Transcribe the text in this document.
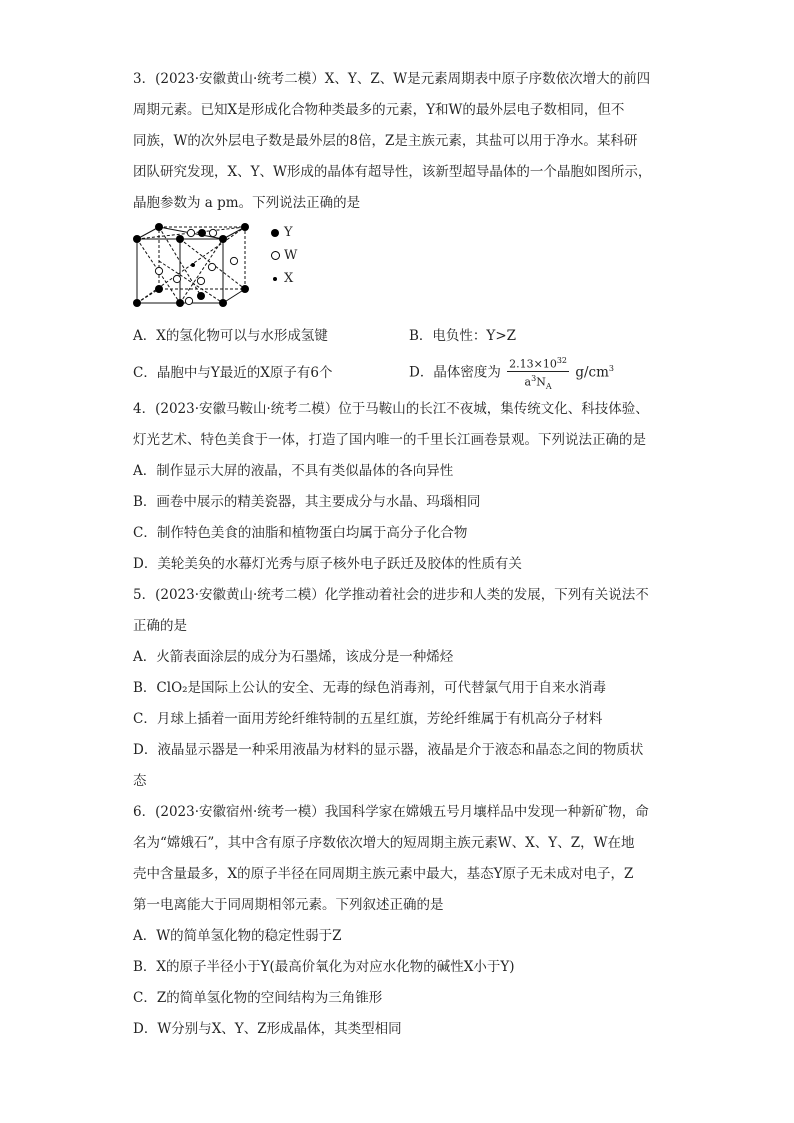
3．(2023·安徽黄山·统考二模）X、Y、Z、W是元素周期表中原子序数依次增大的前四

周期元素。已知X是形成化合物种类最多的元素，Y和W的最外层电子数相同，但不

同族，W的次外层电子数是最外层的8倍，Z是主族元素，其盐可以用于净水。某科研

团队研究发现，X、Y、W形成的晶体有超导性，该新型超导晶体的一个晶胞如图所示，

晶胞参数为 a pm。下列说法正确的是

Y
W
X
A．X的氢化物可以与水形成氢键	B．电负性：Y>Z
C．晶胞中与Y最近的X原子有6个	D．晶体密度为 $\frac{2.13\times 10^{32}}{a^3N_A} g/cm^3$

4．(2023·安徽马鞍山·统考二模）位于马鞍山的长江不夜城，集传统文化、科技体验、

灯光艺术、特色美食于一体，打造了国内唯一的千里长江画卷景观。下列说法正确的是

A．制作显示大屏的液晶，不具有类似晶体的各向异性

B．画卷中展示的精美瓷器，其主要成分与水晶、玛瑙相同

C．制作特色美食的油脂和植物蛋白均属于高分子化合物

D．美轮美奂的水幕灯光秀与原子核外电子跃迁及胶体的性质有关

5．(2023·安徽黄山·统考二模）化学推动着社会的进步和人类的发展，下列有关说法不

正确的是

A．火箭表面涂层的成分为石墨烯，该成分是一种烯烃

B．ClO₂是国际上公认的安全、无毒的绿色消毒剂，可代替氯气用于自来水消毒

C．月球上插着一面用芳纶纤维特制的五星红旗，芳纶纤维属于有机高分子材料

D．液晶显示器是一种采用液晶为材料的显示器，液晶是介于液态和晶态之间的物质状

态

6．(2023·安徽宿州·统考一模）我国科学家在嫦娥五号月壤样品中发现一种新矿物，命

名为“嫦娥石”，其中含有原子序数依次增大的短周期主族元素W、X、Y、Z，W在地

壳中含量最多，X的原子半径在同周期主族元素中最大，基态Y原子无未成对电子，Z

第一电离能大于同周期相邻元素。下列叙述正确的是

A．W的简单氢化物的稳定性弱于Z

B．X的原子半径小于Y(最高价氧化为对应水化物的碱性X小于Y)

C．Z的简单氢化物的空间结构为三角锥形

D．W分别与X、Y、Z形成晶体，其类型相同
